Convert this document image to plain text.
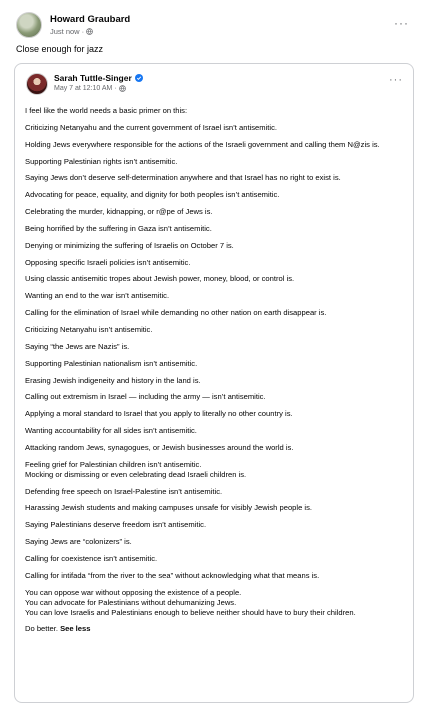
Howard Graubard
Just now ·
···
Close enough for jazz
Sarah Tuttle-Singer
May 7 at 12:10 AM ·
···

I feel like the world needs a basic primer on this:

Criticizing Netanyahu and the current government of Israel isn’t antisemitic.

Holding Jews everywhere responsible for the actions of the Israeli government and calling them N@zis is.

Supporting Palestinian rights isn’t antisemitic.

Saying Jews don’t deserve self-determination anywhere and that Israel has no right to exist is.

Advocating for peace, equality, and dignity for both peoples isn’t antisemitic.

Celebrating the murder, kidnapping, or r@pe of Jews is.

Being horrified by the suffering in Gaza isn’t antisemitic.

Denying or minimizing the suffering of Israelis on October 7 is.

Opposing specific Israeli policies isn’t antisemitic.

Using classic antisemitic tropes about Jewish power, money, blood, or control is.

Wanting an end to the war isn’t antisemitic.

Calling for the elimination of Israel while demanding no other nation on earth disappear is.

Criticizing Netanyahu isn’t antisemitic.

Saying “the Jews are Nazis” is.

Supporting Palestinian nationalism isn’t antisemitic.

Erasing Jewish indigeneity and history in the land is.

Calling out extremism in Israel — including the army — isn’t antisemitic.

Applying a moral standard to Israel that you apply to literally no other country is.

Wanting accountability for all sides isn’t antisemitic.

Attacking random Jews, synagogues, or Jewish businesses around the world is.

Feeling grief for Palestinian children isn’t antisemitic.

Mocking or dismissing or even celebrating dead Israeli children is.

Defending free speech on Israel-Palestine isn’t antisemitic.

Harassing Jewish students and making campuses unsafe for visibly Jewish people is.

Saying Palestinians deserve freedom isn’t antisemitic.

Saying Jews are “colonizers” is.

Calling for coexistence isn’t antisemitic.

Calling for intifada “from the river to the sea” without acknowledging what that means is.

You can oppose war without opposing the existence of a people.

You can advocate for Palestinians without dehumanizing Jews.

You can love Israelis and Palestinians enough to believe neither should have to bury their children.

Do better. See less
